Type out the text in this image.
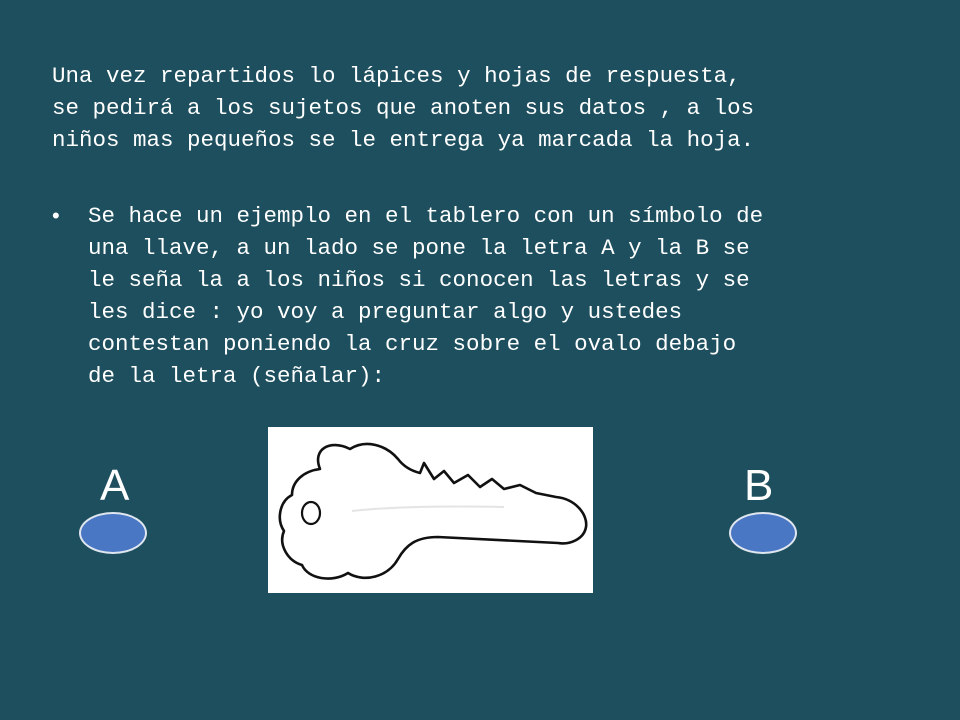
Una vez repartidos lo lápices y hojas de respuesta,
se pedirá a los sujetos que anoten sus datos , a los
niños mas pequeños se le entrega ya marcada la hoja.

• Se hace un ejemplo en el tablero con un símbolo de
una llave, a un lado se pone la letra A y la B se
le seña la a los niños si conocen las letras y se
les dice : yo voy a preguntar algo y ustedes
contestan poniendo la cruz sobre el ovalo debajo
de la letra (señalar):
A	B
